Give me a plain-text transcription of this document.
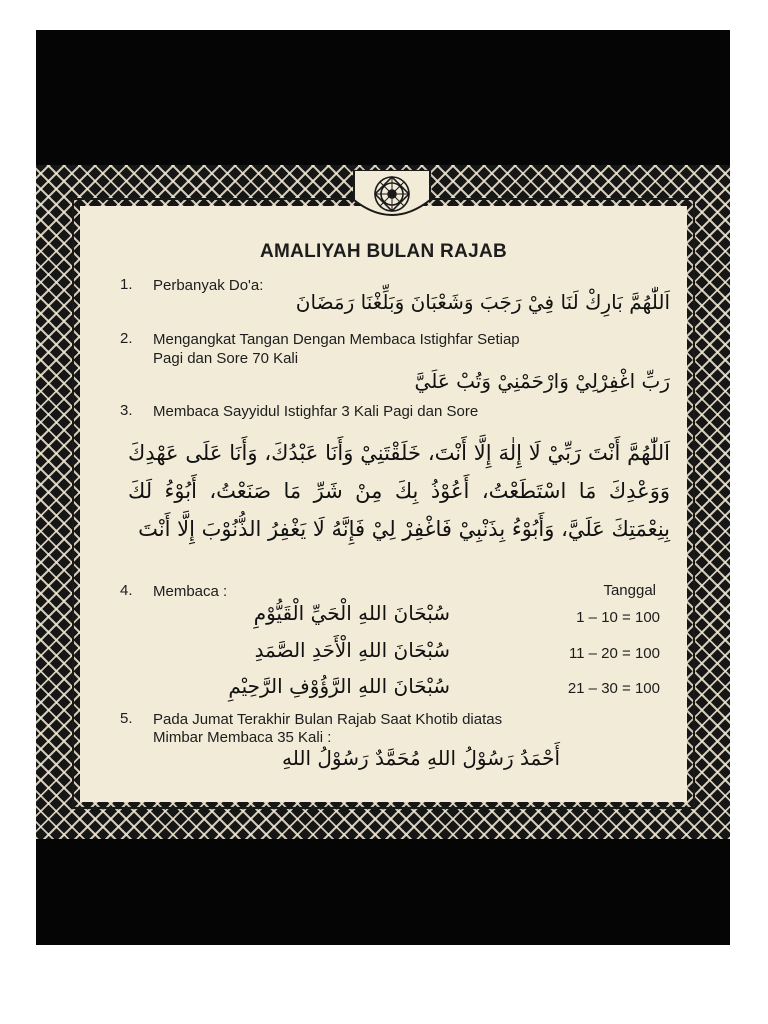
AMALIYAH BULAN RAJAB
1. Perbanyak Do'a:
اَللّٰهُمَّ بَارِكْ لَنَا فِيْ رَجَبَ وَشَعْبَانَ وَبَلِّغْنَا رَمَضَانَ
2. Mengangkat Tangan Dengan Membaca Istighfar Setiap
Pagi dan Sore 70 Kali
رَبِّ اغْفِرْلِيْ وَارْحَمْنِيْ وَتُبْ عَلَيَّ
3. Membaca Sayyidul Istighfar 3 Kali Pagi dan Sore
اَللّٰهُمَّ أَنْتَ رَبِّيْ لَا إِلٰهَ إِلَّا أَنْتَ، خَلَقْتَنِيْ وَأَنَا عَبْدُكَ، وَأَنَا عَلَى عَهْدِكَ وَوَعْدِكَ مَا اسْتَطَعْتُ، أَعُوْذُ بِكَ مِنْ شَرِّ مَا صَنَعْتُ، أَبُوْءُ لَكَ بِنِعْمَتِكَ عَلَيَّ، وَأَبُوْءُ بِذَنْبِيْ فَاغْفِرْ لِيْ فَإِنَّهُ لَا يَغْفِرُ الذُّنُوْبَ إِلَّا أَنْتَ
4. Membaca :	Tanggal
سُبْحَانَ اللهِ الْحَيِّ الْقَيُّوْمِ	1 – 10 = 100
سُبْحَانَ اللهِ الْأَحَدِ الصَّمَدِ	11 – 20 = 100
سُبْحَانَ اللهِ الرَّؤُوْفِ الرَّحِيْمِ	21 – 30 = 100
5. Pada Jumat Terakhir Bulan Rajab Saat Khotib diatas
Mimbar Membaca 35 Kali :
أَحْمَدُ رَسُوْلُ اللهِ مُحَمَّدٌ رَسُوْلُ اللهِ
